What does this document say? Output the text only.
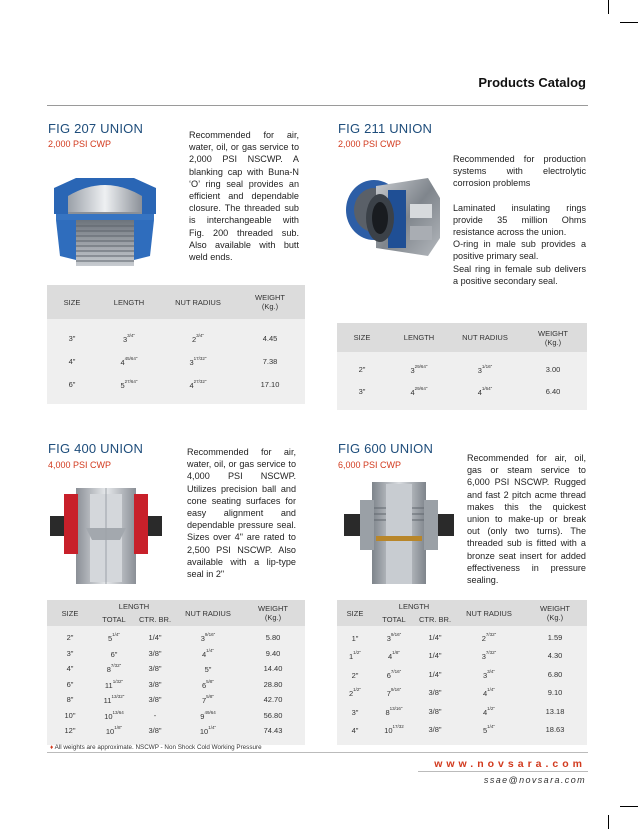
Products Catalog
FIG 207 UNION
2,000 PSI CWP
Recommended for air, water, oil, or gas service to 2,000 PSI NSCWP. A blanking cap with Buna-N ‘O’ ring seal provides an efficient and dependable closure. The threaded sub is interchangeable with Fig. 200 threaded sub. Also available with butt weld ends.
SIZE	LENGTH	NUT RADIUS	WEIGHT
(Kg.)

3"	$3^{3/4"}$	$2^{3/4"}$	4.45
4"	$4^{45/64"}$	$3^{17/32"}$	7.38
6"	$5^{27/64"}$	$4^{27/32"}$	17.10

FIG 211 UNION
2,000 PSI CWP

Recommended for production systems with electrolytic corrosion problems

Laminated insulating rings provide 35 million Ohms resistance across the union.

O-ring in male sub provides a positive primary seal.

Seal ring in female sub delivers a positive secondary seal.

SIZE	LENGTH	NUT RADIUS	WEIGHT
(Kg.)

2"	$3^{29/64"}$	$3^{1/16"}$	3.00
3"	$4^{29/64"}$	$4^{1/64"}$	6.40

FIG 400 UNION
4,000 PSI CWP
Recommended for air, water, oil, or gas service to 4,000 PSI NSCWP. Utilizes precision ball and cone seating surfaces for easy alignment and dependable pressure seal. Sizes over 4" are rated to 2,500 PSI NSCWP. Also available with a lip-type seal in 2"
SIZE	LENGTH		NUT RADIUS	WEIGHT
(Kg.)
	TOTAL	CTR. BR.		

2"	$5^{1/4"}$	1/4"	$3^{9/16"}$	5.80
3"	6"	3/8"	$4^{1/4"}$	9.40
4"	$8^{7/32"}$	3/8"	5"	14.40
6"	$11^{1/32"}$	3/8"	$6^{5/8"}$	28.80
8"	$11^{13/32"}$	3/8"	$7^{5/8"}$	42.70
10"	$10^{13/64}$	-	$9^{49/64}$	56.80
12"	$10^{1/8"}$	3/8"	$10^{1/4"}$	74.43

FIG 600 UNION
6,000 PSI CWP
Recommended for air, oil, gas or steam service to 6,000 PSI NSCWP. Rugged and fast 2 pitch acme thread makes this the quickest union to make-up or break out (only two turns). The threaded sub is fitted with a bronze seat insert for added effectiveness in pressure sealing.
SIZE	LENGTH		NUT RADIUS	WEIGHT
(Kg.)
	TOTAL	CTR. BR.		

1"	$3^{9/16"}$	1/4"	$2^{7/32"}$	1.59
$1^{1/2"}$	$4^{1/8"}$	1/4"	$3^{7/32"}$	4.30
2"	$6^{7/16"}$	1/4"	$3^{3/4"}$	6.80
$2^{1/2"}$	$7^{9/16"}$	3/8"	$4^{1/4"}$	9.10
3"	$8^{13/16"}$	3/8"	$4^{1/2"}$	13.18
4"	$10^{17/32}$	3/8"	$5^{1/4"}$	18.63

♦ All weights are approximate. NSCWP - Non Shock Cold Working Pressure
www.novsara.com
ssae@novsara.com
